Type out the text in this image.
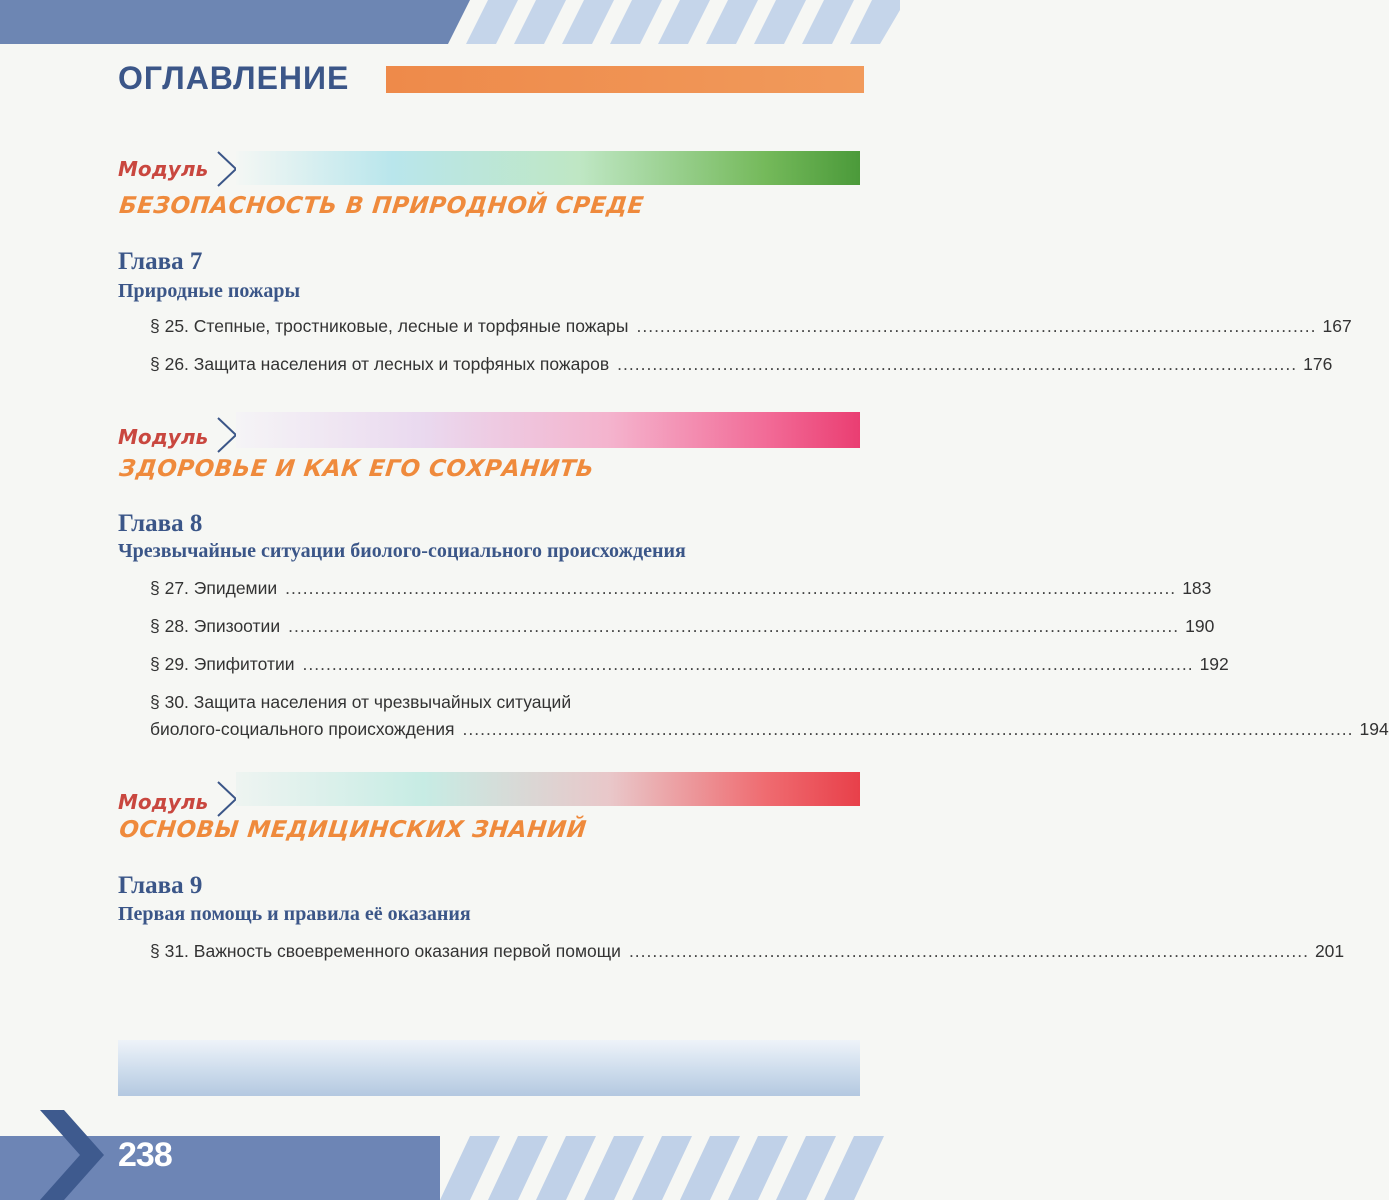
ОГЛАВЛЕНИЕ

Модуль

БЕЗОПАСНОСТЬ В ПРИРОДНОЙ СРЕДЕ

Глава 7

Природные пожары

§ 25. Степные, тростниковые, лесные и торфяные пожары .................................................................................................................... 167
§ 26. Защита населения от лесных и торфяных пожаров .................................................................................................................... 176

Модуль

ЗДОРОВЬЕ И КАК ЕГО СОХРАНИТЬ

Глава 8

Чрезвычайные ситуации биолого-социального происхождения

§ 27. Эпидемии ........................................................................................................................................................ 183
§ 28. Эпизоотии ........................................................................................................................................................ 190
§ 29. Эпифитотии ........................................................................................................................................................ 192
§ 30. Защита населения от чрезвычайных ситуаций
биолого-социального происхождения ........................................................................................................................................................ 194

Модуль

ОСНОВЫ МЕДИЦИНСКИХ ЗНАНИЙ

Глава 9

Первая помощь и правила её оказания

§ 31. Важность своевременного оказания первой помощи .................................................................................................................... 201

238
